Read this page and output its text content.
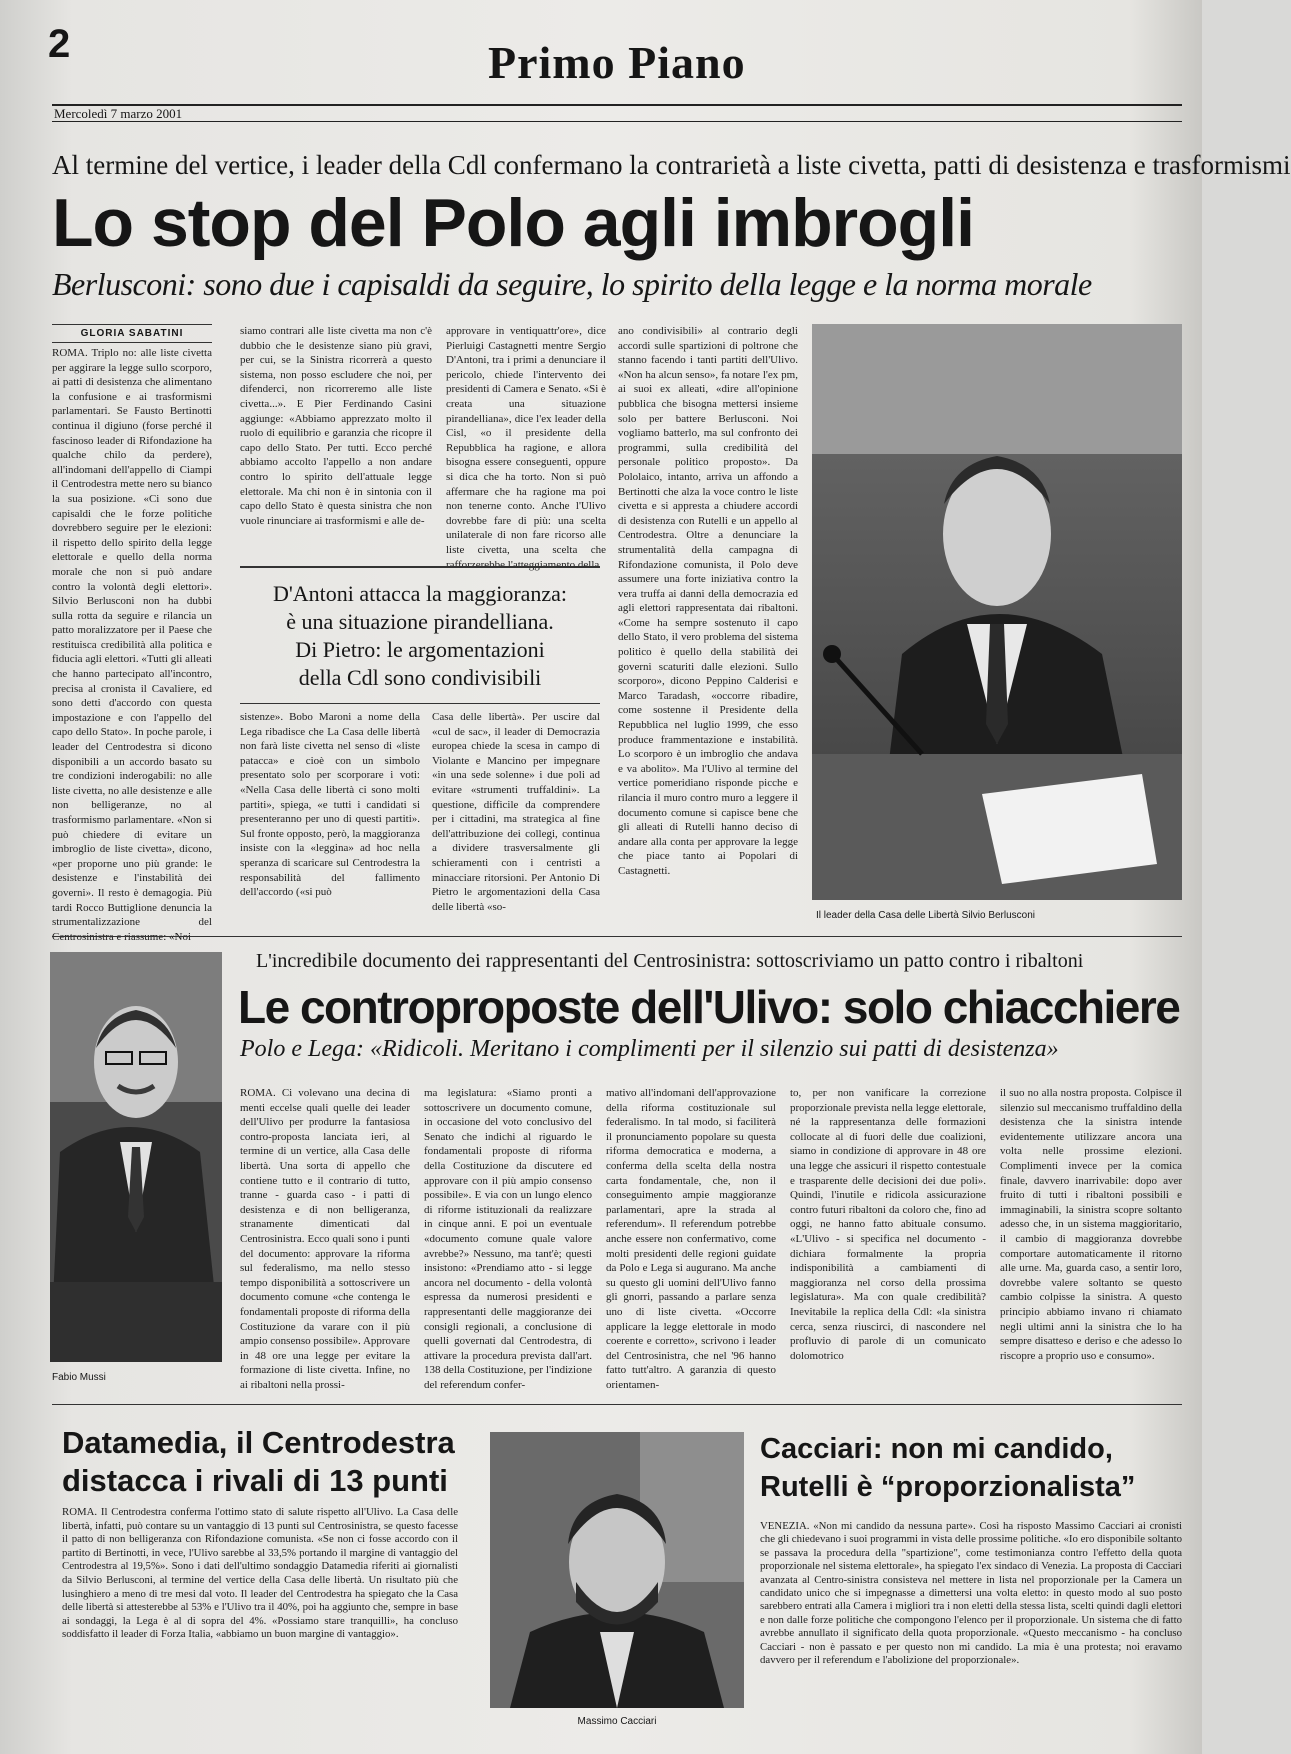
2	Primo Piano
Mercoledì 7 marzo 2001
Al termine del vertice, i leader della Cdl confermano la contrarietà a liste civetta, patti di desistenza e trasformismi
Lo stop del Polo agli imbrogli
Berlusconi: sono due i capisaldi da seguire, lo spirito della legge e la norma morale
GLORIA SABATINI
ROMA. Triplo no: alle liste civetta per aggirare la legge sullo scorporo, ai patti di desistenza che alimentano la confusione e ai trasformismi parlamentari. Se Fausto Bertinotti continua il digiuno (forse perché il fascinoso leader di Rifondazione ha qualche chilo da perdere), all'indomani dell'appello di Ciampi il Centrodestra mette nero su bianco la sua posizione. «Ci sono due capisaldi che le forze politiche dovrebbero seguire per le elezioni: il rispetto dello spirito della legge elettorale e quello della norma morale che non si può andare contro la volontà degli elettori». Silvio Berlusconi non ha dubbi sulla rotta da seguire e rilancia un patto moralizzatore per il Paese che restituisca credibilità alla politica e fiducia agli elettori. «Tutti gli alleati che hanno partecipato all'incontro, precisa al cronista il Cavaliere, ed sono detti d'accordo con questa impostazione e con l'appello del capo dello Stato». In poche parole, i leader del Centrodestra si dicono disponibili a un accordo basato su tre condizioni inderogabili: no alle liste civetta, no alle desistenze e alle non belligeranze, no al trasformismo parlamentare. «Non si può chiedere di evitare un imbroglio de liste civetta», dicono, «per proporne uno più grande: le desistenze e l'instabilità dei governi». Il resto è demagogia. Più tardi Rocco Buttiglione denuncia la strumentalizzazione del
siamo contrari alle liste civetta ma non c'è dubbio che le desistenze siano più gravi, per cui, se la Sinistra ricorrerà a questo sistema, non posso escludere che noi, per difenderci, non ricorreremo alle liste civetta...». E Pier Ferdinando Casini aggiunge: «Abbiamo apprezzato molto il ruolo di equilibrio e garanzia che ricopre il capo dello Stato. Per tutti. Ecco perché abbiamo accolto l'appello a non andare contro lo spirito dell'attuale legge elettorale. Ma chi non è in sintonia con il capo dello Stato è questa sinistra che non vuole rinunciare ai trasformismi e alle de-
approvare in ventiquattr'ore», dice Pierluigi Castagnetti mentre Sergio D'Antoni, tra i primi a denunciare il pericolo, chiede l'intervento dei presidenti di Camera e Senato. «Si è creata una situazione pirandelliana», dice l'ex leader della Cisl, «o il presidente della Repubblica ha ragione, e allora bisogna essere conseguenti, oppure si dica che ha torto. Non si può affermare che ha ragione ma poi non tenerne conto. Anche l'Ulivo dovrebbe fare di più: una scelta unilaterale di non fare ricorso alle liste civetta, una scelta che rafforzerebbe l'atteggiamento della
D'Antoni attacca la maggioranza:
è una situazione pirandelliana.
Di Pietro: le argomentazioni
della Cdl sono condivisibili
sistenze». Bobo Maroni a nome della Lega ribadisce che La Casa delle libertà non farà liste civetta nel senso di «liste patacca» e cioè con un simbolo presentato solo per scorporare i voti: «Nella Casa delle libertà ci sono molti partiti», spiega, «e tutti i candidati si presenteranno per uno di questi partiti». Sul fronte opposto, però, la maggioranza insiste con la «leggina» ad hoc nella speranza di scaricare sul Centrodestra la responsabilità del fallimento dell'accordo («si può
Casa delle libertà». Per uscire dal «cul de sac», il leader di Democrazia europea chiede la scesa in campo di Violante e Mancino per impegnare «in una sede solenne» i due poli ad evitare «strumenti truffaldini». La questione, difficile da comprendere per i cittadini, ma strategica al fine dell'attribuzione dei collegi, continua a dividere trasversalmente gli schieramenti con i centristi a minacciare ritorsioni. Per Antonio Di Pietro le argomentazioni della Casa delle libertà «so-
ano condivisibili» al contrario degli accordi sulle spartizioni di poltrone che stanno facendo i tanti partiti dell'Ulivo. «Non ha alcun senso», fa notare l'ex pm, ai suoi ex alleati, «dire all'opinione pubblica che bisogna mettersi insieme solo per battere Berlusconi. Noi vogliamo batterlo, ma sul confronto dei programmi, sulla credibilità del personale politico proposto». Da Pololaico, intanto, arriva un affondo a Bertinotti che alza la voce contro le liste civetta e si appresta a chiudere accordi di desistenza con Rutelli e un appello al Centrodestra. Oltre a denunciare la strumentalità della campagna di Rifondazione comunista, il Polo deve assumere una forte iniziativa contro la vera truffa ai danni della democrazia ed agli elettori rappresentata dai ribaltoni. «Come ha sempre sostenuto il capo dello Stato, il vero problema del sistema politico è quello della stabilità dei governi scaturiti dalle elezioni. Sullo scorporo», dicono Peppino Calderisi e Marco Taradash, «occorre ribadire, come sostenne il Presidente della Repubblica nel luglio 1999, che esso produce frammentazione e instabilità. Lo scorporo è un imbroglio che andava e va abolito». Ma l'Ulivo al termine del vertice pomeridiano risponde picche e rilancia il muro contro muro a leggere il documento comune si capisce bene che gli alleati di Rutelli hanno deciso di andare alla conta per approvare la legge che piace tanto ai Popolari di Castagnetti.
Il leader della Casa delle Libertà Silvio Berlusconi
Fabio Mussi
L'incredibile documento dei rappresentanti del Centrosinistra: sottoscriviamo un patto contro i ribaltoni
Le controproposte dell'Ulivo: solo chiacchiere
Polo e Lega: «Ridicoli. Meritano i complimenti per il silenzio sui patti di desistenza»
ROMA. Ci volevano una decina di menti eccelse quali quelle dei leader dell'Ulivo per produrre la fantasiosa contro-proposta lanciata ieri, al termine di un vertice, alla Casa delle libertà. Una sorta di appello che contiene tutto e il contrario di tutto, tranne - guarda caso - i patti di desistenza e di non belligeranza, stranamente dimenticati dal Centrosinistra. Ecco quali sono i punti del documento: approvare la riforma sul federalismo, ma nello stesso tempo disponibilità a sottoscrivere un documento comune «che contenga le fondamentali proposte di riforma della Costituzione da varare con il più ampio consenso possibile». Approvare in 48 ore una legge per evitare la formazione di liste civetta. Infine, no ai ribaltoni nella prossi-
ma legislatura: «Siamo pronti a sottoscrivere un documento comune, in occasione del voto conclusivo del Senato che indichi al riguardo le fondamentali proposte di riforma della Costituzione da discutere ed approvare con il più ampio consenso possibile». E via con un lungo elenco di riforme istituzionali da realizzare in cinque anni. E poi un eventuale «documento comune quale valore avrebbe?» Nessuno, ma tant'è; questi insistono: «Prendiamo atto - si legge ancora nel documento - della volontà espressa da numerosi presidenti e rappresentanti delle maggioranze dei consigli regionali, a conclusione di quelli governati dal Centrodestra, di attivare la procedura prevista dall'art. 138 della Costituzione, per l'indizione del referendum confer-
mativo all'indomani dell'approvazione della riforma costituzionale sul federalismo. In tal modo, si faciliterà il pronunciamento popolare su questa riforma democratica e moderna, a conferma della scelta della nostra carta fondamentale, che, non il conseguimento ampie maggioranze parlamentari, apre la strada al referendum». Il referendum potrebbe anche essere non confermativo, come molti presidenti delle regioni guidate da Polo e Lega si augurano. Ma anche su questo gli uomini dell'Ulivo fanno gli gnorri, passando a parlare senza uno di liste civetta. «Occorre applicare la legge elettorale in modo coerente e corretto», scrivono i leader del Centrosinistra, che nel '96 hanno fatto tutt'altro. A garanzia di questo orientamen-
to, per non vanificare la correzione proporzionale prevista nella legge elettorale, né la rappresentanza delle formazioni collocate al di fuori delle due coalizioni, siamo in condizione di approvare in 48 ore una legge che assicuri il rispetto contestuale e trasparente delle decisioni dei due poli». Quindi, l'inutile e ridicola assicurazione contro futuri ribaltoni da coloro che, fino ad oggi, ne hanno fatto abituale consumo. «L'Ulivo - si specifica nel documento - dichiara formalmente la propria indisponibilità a cambiamenti di maggioranza nel corso della prossima legislatura». Ma con quale credibilità? Inevitabile la replica della Cdl: «la sinistra cerca, senza riuscirci, di nascondere nel profluvio di parole di un comunicato dolomotrico
il suo no alla nostra proposta. Colpisce il silenzio sul meccanismo truffaldino della desistenza che la sinistra intende evidentemente utilizzare ancora una volta nelle prossime elezioni. Complimenti invece per la comica finale, davvero inarrivabile: dopo aver fruito di tutti i ribaltoni possibili e immaginabili, la sinistra scopre soltanto adesso che, in un sistema maggioritario, il cambio di maggioranza dovrebbe comportare automaticamente il ritorno alle urne. Ma, guarda caso, a sentir loro, dovrebbe valere soltanto se questo cambio colpisse la sinistra. A questo principio abbiamo invano ri chiamato negli ultimi anni la sinistra che lo ha sempre disatteso e deriso e che adesso lo riscopre a proprio uso e consumo».
Datamedia, il Centrodestra
distacca i rivali di 13 punti
ROMA. Il Centrodestra conferma l'ottimo stato di salute rispetto all'Ulivo. La Casa delle libertà, infatti, può contare su un vantaggio di 13 punti sul Centrosinistra, se questo facesse il patto di non belligeranza con Rifondazione comunista. «Se non ci fosse accordo con il partito di Bertinotti, in vece, l'Ulivo sarebbe al 33,5% portando il margine di vantaggio del Centrodestra al 19,5%». Sono i dati dell'ultimo sondaggio Datamedia riferiti ai giornalisti da Silvio Berlusconi, al termine del vertice della Casa delle libertà. Un risultato più che lusinghiero a meno di tre mesi dal voto. Il leader del Centrodestra ha spiegato che la Casa delle libertà si attesterebbe al 53% e l'Ulivo tra il 40%, poi ha aggiunto che, sempre in base ai sondaggi, la Lega è al di sopra del 4%. «Possiamo stare tranquilli», ha concluso soddisfatto il leader di Forza Italia, «abbiamo un buon margine di vantaggio».
Massimo Cacciari
Cacciari: non mi candido,
Rutelli è “proporzionalista”
VENEZIA. «Non mi candido da nessuna parte». Così ha risposto Massimo Cacciari ai cronisti che gli chiedevano i suoi programmi in vista delle prossime politiche. «Io ero disponibile soltanto se passava la procedura della "spartizione", come testimonianza contro l'effetto della quota proporzionale nel sistema elettorale», ha spiegato l'ex sindaco di Venezia. La proposta di Cacciari avanzata al Centro-sinistra consisteva nel mettere in lista nel proporzionale per la Camera un candidato unico che si impegnasse a dimettersi una volta eletto: in questo modo al suo posto sarebbero entrati alla Camera i migliori tra i non eletti della stessa lista, scelti quindi dagli elettori e non dalle forze politiche che compongono l'elenco per il proporzionale. Un sistema che di fatto avrebbe annullato il significato della quota proporzionale. «Questo meccanismo - ha concluso Cacciari - non è passato e per questo non mi candido. La mia è una protesta; noi eravamo davvero per il referendum e l'abolizione del proporzionale».
